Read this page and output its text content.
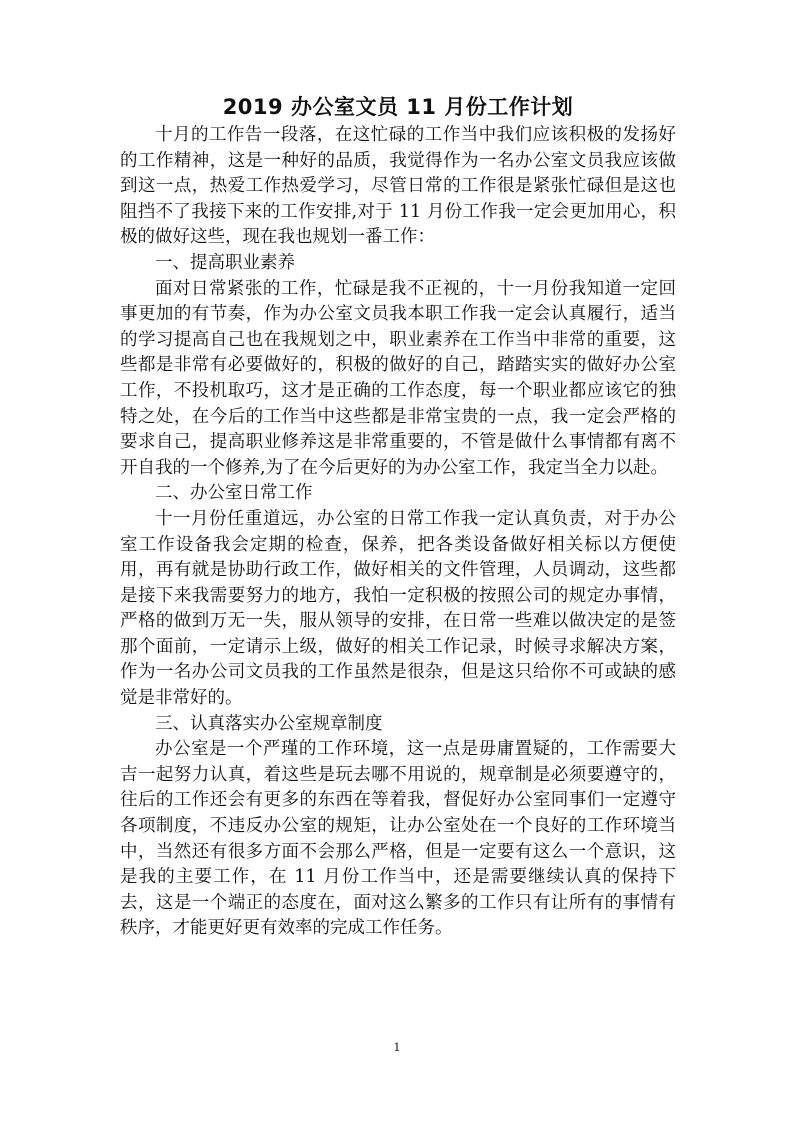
2019 办公室文员 11 月份工作计划

十月的工作告一段落，在这忙碌的工作当中我们应该积极的发扬好的工作精神，这是一种好的品质，我觉得作为一名办公室文员我应该做到这一点，热爱工作热爱学习，尽管日常的工作很是紧张忙碌但是这也阻挡不了我接下来的工作安排,对于 11 月份工作我一定会更加用心，积极的做好这些，现在我也规划一番工作：

一、提高职业素养

面对日常紧张的工作，忙碌是我不正视的，十一月份我知道一定回事更加的有节奏，作为办公室文员我本职工作我一定会认真履行，适当的学习提高自己也在我规划之中，职业素养在工作当中非常的重要，这些都是非常有必要做好的，积极的做好的自己，踏踏实实的做好办公室工作，不投机取巧，这才是正确的工作态度，每一个职业都应该它的独特之处，在今后的工作当中这些都是非常宝贵的一点，我一定会严格的要求自己，提高职业修养这是非常重要的，不管是做什么事情都有离不开自我的一个修养,为了在今后更好的为办公室工作，我定当全力以赴。

二、办公室日常工作

十一月份任重道远，办公室的日常工作我一定认真负责，对于办公室工作设备我会定期的检查，保养，把各类设备做好相关标以方便使用，再有就是协助行政工作，做好相关的文件管理，人员调动，这些都是接下来我需要努力的地方，我怕一定积极的按照公司的规定办事情，严格的做到万无一失，服从领导的安排，在日常一些难以做决定的是签那个面前，一定请示上级，做好的相关工作记录，时候寻求解决方案，作为一名办公司文员我的工作虽然是很杂，但是这只给你不可或缺的感觉是非常好的。

三、认真落实办公室规章制度

办公室是一个严瑾的工作环境，这一点是毋庸置疑的，工作需要大吉一起努力认真，着这些是玩去哪不用说的，规章制是必须要遵守的，往后的工作还会有更多的东西在等着我，督促好办公室同事们一定遵守各项制度，不违反办公室的规矩，让办公室处在一个良好的工作环境当中，当然还有很多方面不会那么严格，但是一定要有这么一个意识，这是我的主要工作，在 11 月份工作当中，还是需要继续认真的保持下去，这是一个端正的态度在，面对这么繁多的工作只有让所有的事情有秩序，才能更好更有效率的完成工作任务。

1
